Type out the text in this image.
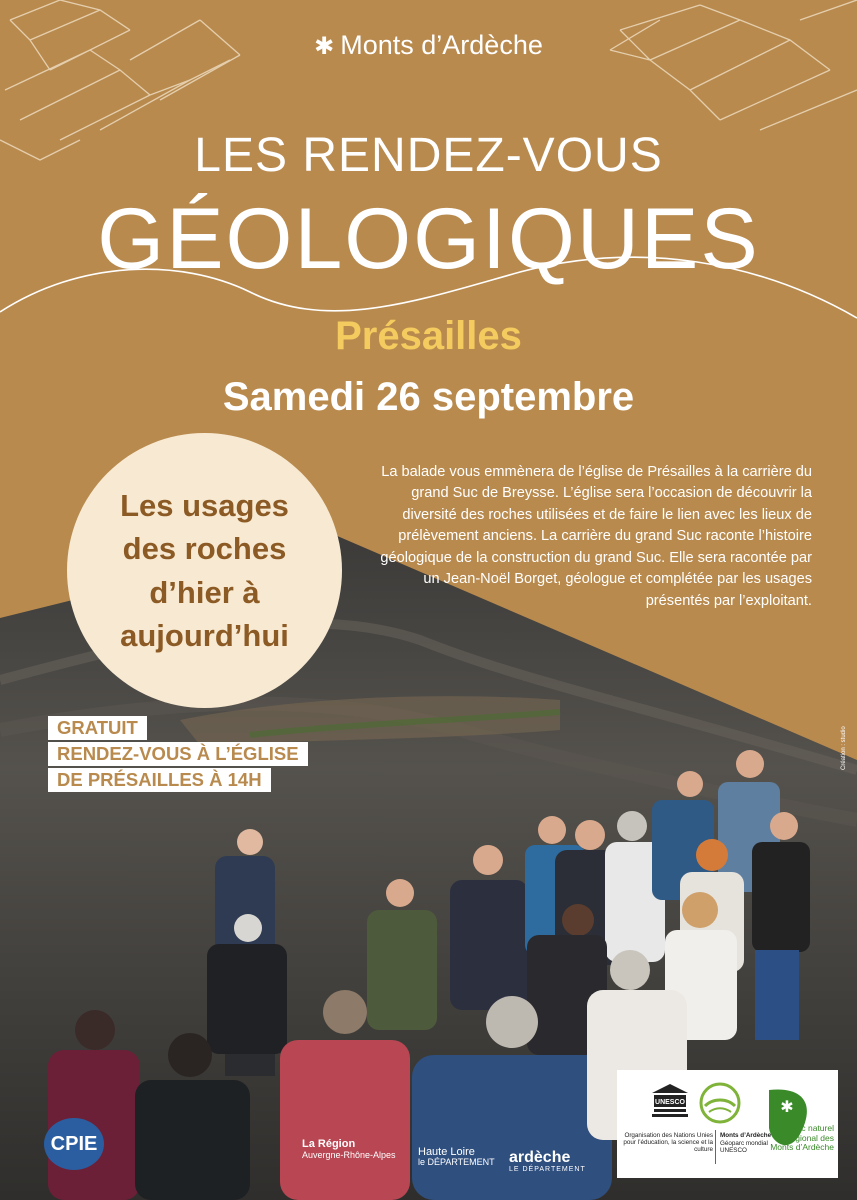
✱ Monts d’Ardèche
LES RENDEZ-VOUS
GÉOLOGIQUES
Présailles
Samedi 26 septembre
Les usages des roches d’hier à aujourd’hui
La balade vous emmènera de l’église de Présailles à la carrière du grand Suc de Breysse. L’église sera l’occasion de découvrir la diversité des roches utilisées et de faire le lien avec les lieux de prélèvement anciens. La carrière du grand Suc raconte l’histoire géologique de la construction du grand Suc. Elle sera racontée par un Jean-Noël Borget, géologue et complétée par les usages présentés par l’exploitant.
GRATUIT
RENDEZ-VOUS À L’ÉGLISE
DE PRÉSAILLES À 14H
Création : studio
CPIE	La Région
Auvergne-Rhône-Alpes Haute Loire
le DÉPARTEMENT ardèche
LE DÉPARTEMENT
UNESCO
Organisation des Nations Unies pour l’éducation, la science et la culture
Monts d’Ardèche
Géoparc mondial UNESCO
✱
Parc naturel régional des Monts d’Ardèche
